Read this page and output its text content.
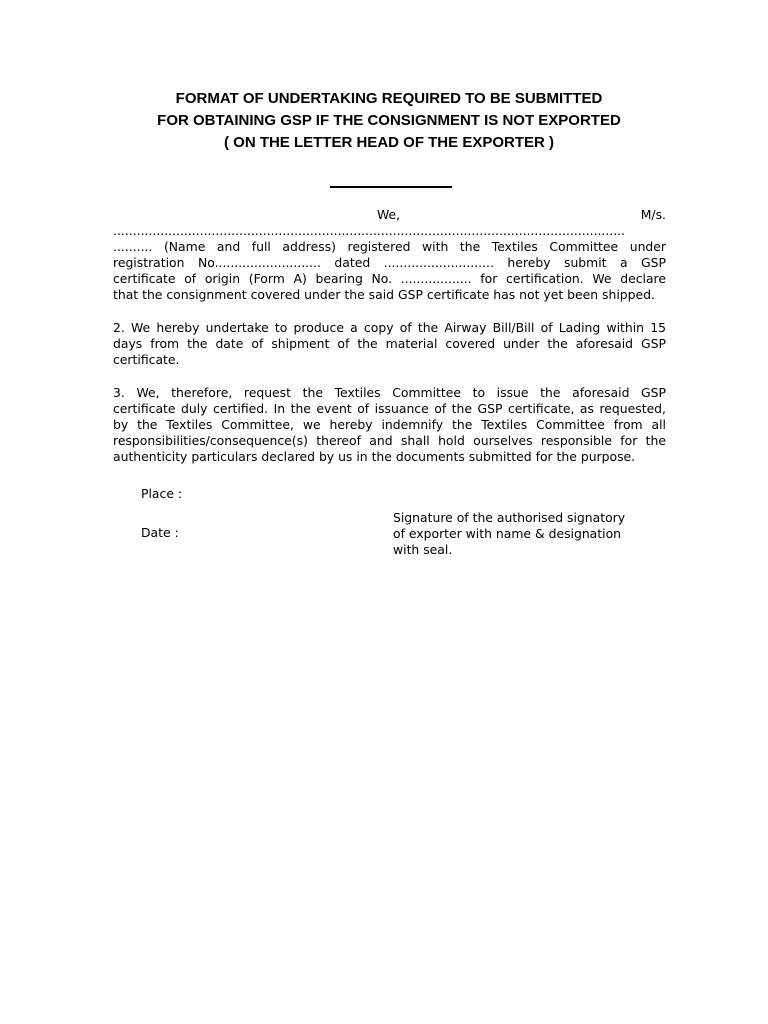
FORMAT OF UNDERTAKING REQUIRED TO BE SUBMITTED
FOR OBTAINING GSP IF THE CONSIGNMENT IS NOT EXPORTED
( ON THE LETTER HEAD OF THE EXPORTER )
We,	M/s.
..................................................................................................................................
.......... (Name and full address) registered with the Textiles Committee under
registration No........................... dated ............................ hereby submit a GSP
certificate of origin (Form A) bearing No. .................. for certification. We declare
that the consignment covered under the said GSP certificate has not yet been shipped.
2. We hereby undertake to produce a copy of the Airway Bill/Bill of Lading within 15
days from the date of shipment of the material covered under the aforesaid GSP
certificate.
3. We, therefore, request the Textiles Committee to issue the aforesaid GSP
certificate duly certified. In the event of issuance of the GSP certificate, as requested,
by the Textiles Committee, we hereby indemnify the Textiles Committee from all
responsibilities/consequence(s) thereof and shall hold ourselves responsible for the
authenticity particulars declared by us in the documents submitted for the purpose.
Place :
Date :
Signature of the authorised signatory
of exporter with name & designation
with seal.
